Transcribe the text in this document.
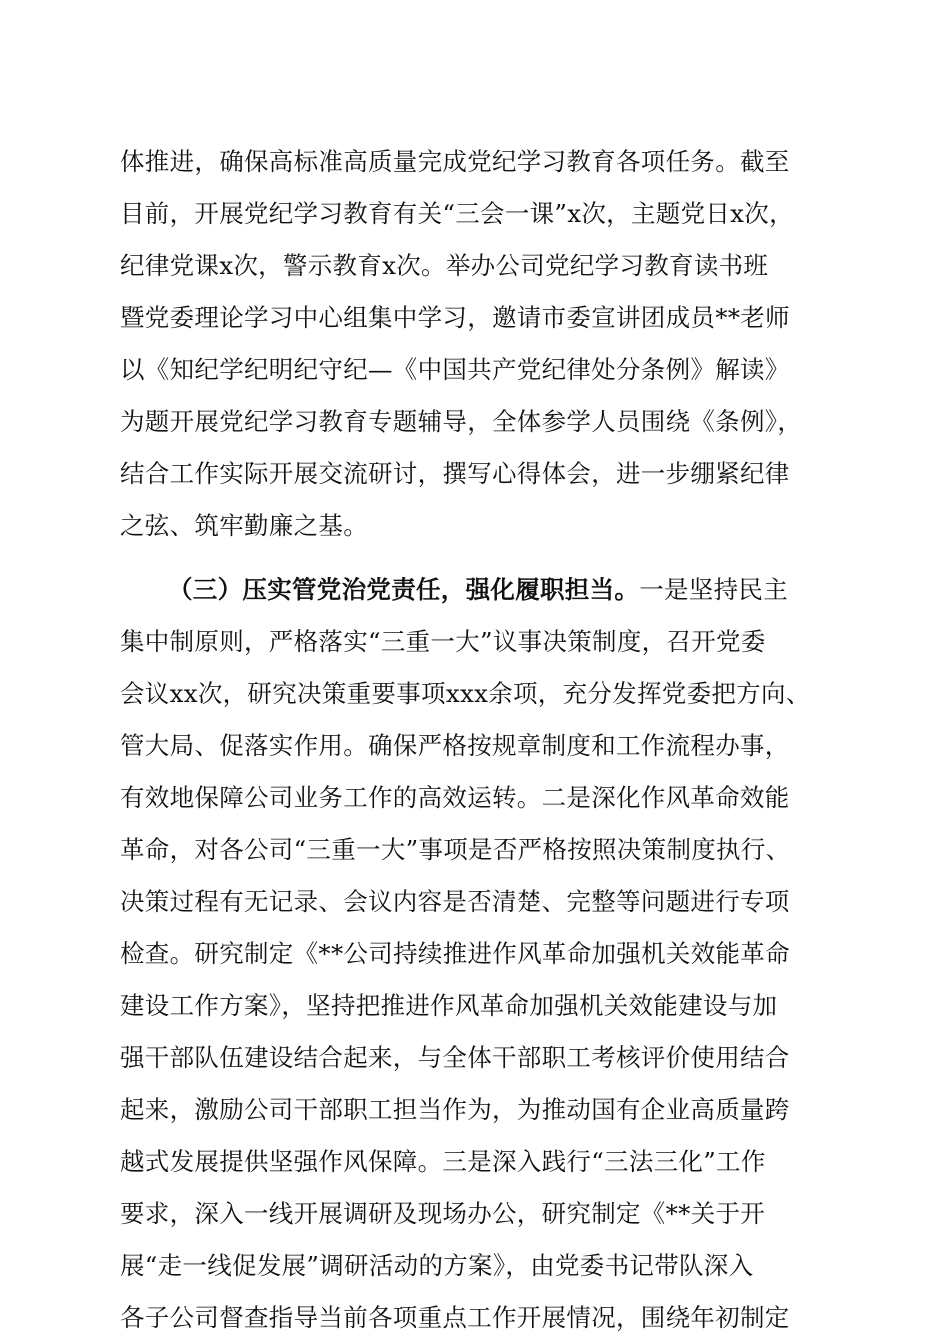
体推进，确保高标准高质量完成党纪学习教育各项任务。截至
目前，开展党纪学习教育有关“三会一课”x次，主题党日x次，
纪律党课x次，警示教育x次。举办公司党纪学习教育读书班
暨党委理论学习中心组集中学习，邀请市委宣讲团成员**老师
以《知纪学纪明纪守纪—《中国共产党纪律处分条例》解读》
为题开展党纪学习教育专题辅导，全体参学人员围绕《条例》，
结合工作实际开展交流研讨，撰写心得体会，进一步绷紧纪律
之弦、筑牢勤廉之基。
（三）压实管党治党责任，强化履职担当。一是坚持民主
集中制原则，严格落实“三重一大”议事决策制度，召开党委
会议xx次，研究决策重要事项xxx余项，充分发挥党委把方向、
管大局、促落实作用。确保严格按规章制度和工作流程办事，
有效地保障公司业务工作的高效运转。二是深化作风革命效能
革命，对各公司“三重一大”事项是否严格按照决策制度执行、
决策过程有无记录、会议内容是否清楚、完整等问题进行专项
检查。研究制定《**公司持续推进作风革命加强机关效能革命
建设工作方案》，坚持把推进作风革命加强机关效能建设与加
强干部队伍建设结合起来，与全体干部职工考核评价使用结合
起来，激励公司干部职工担当作为，为推动国有企业高质量跨
越式发展提供坚强作风保障。三是深入践行“三法三化”工作
要求，深入一线开展调研及现场办公，研究制定《**关于开
展“走一线促发展”调研活动的方案》，由党委书记带队深入
各子公司督查指导当前各项重点工作开展情况，围绕年初制定
